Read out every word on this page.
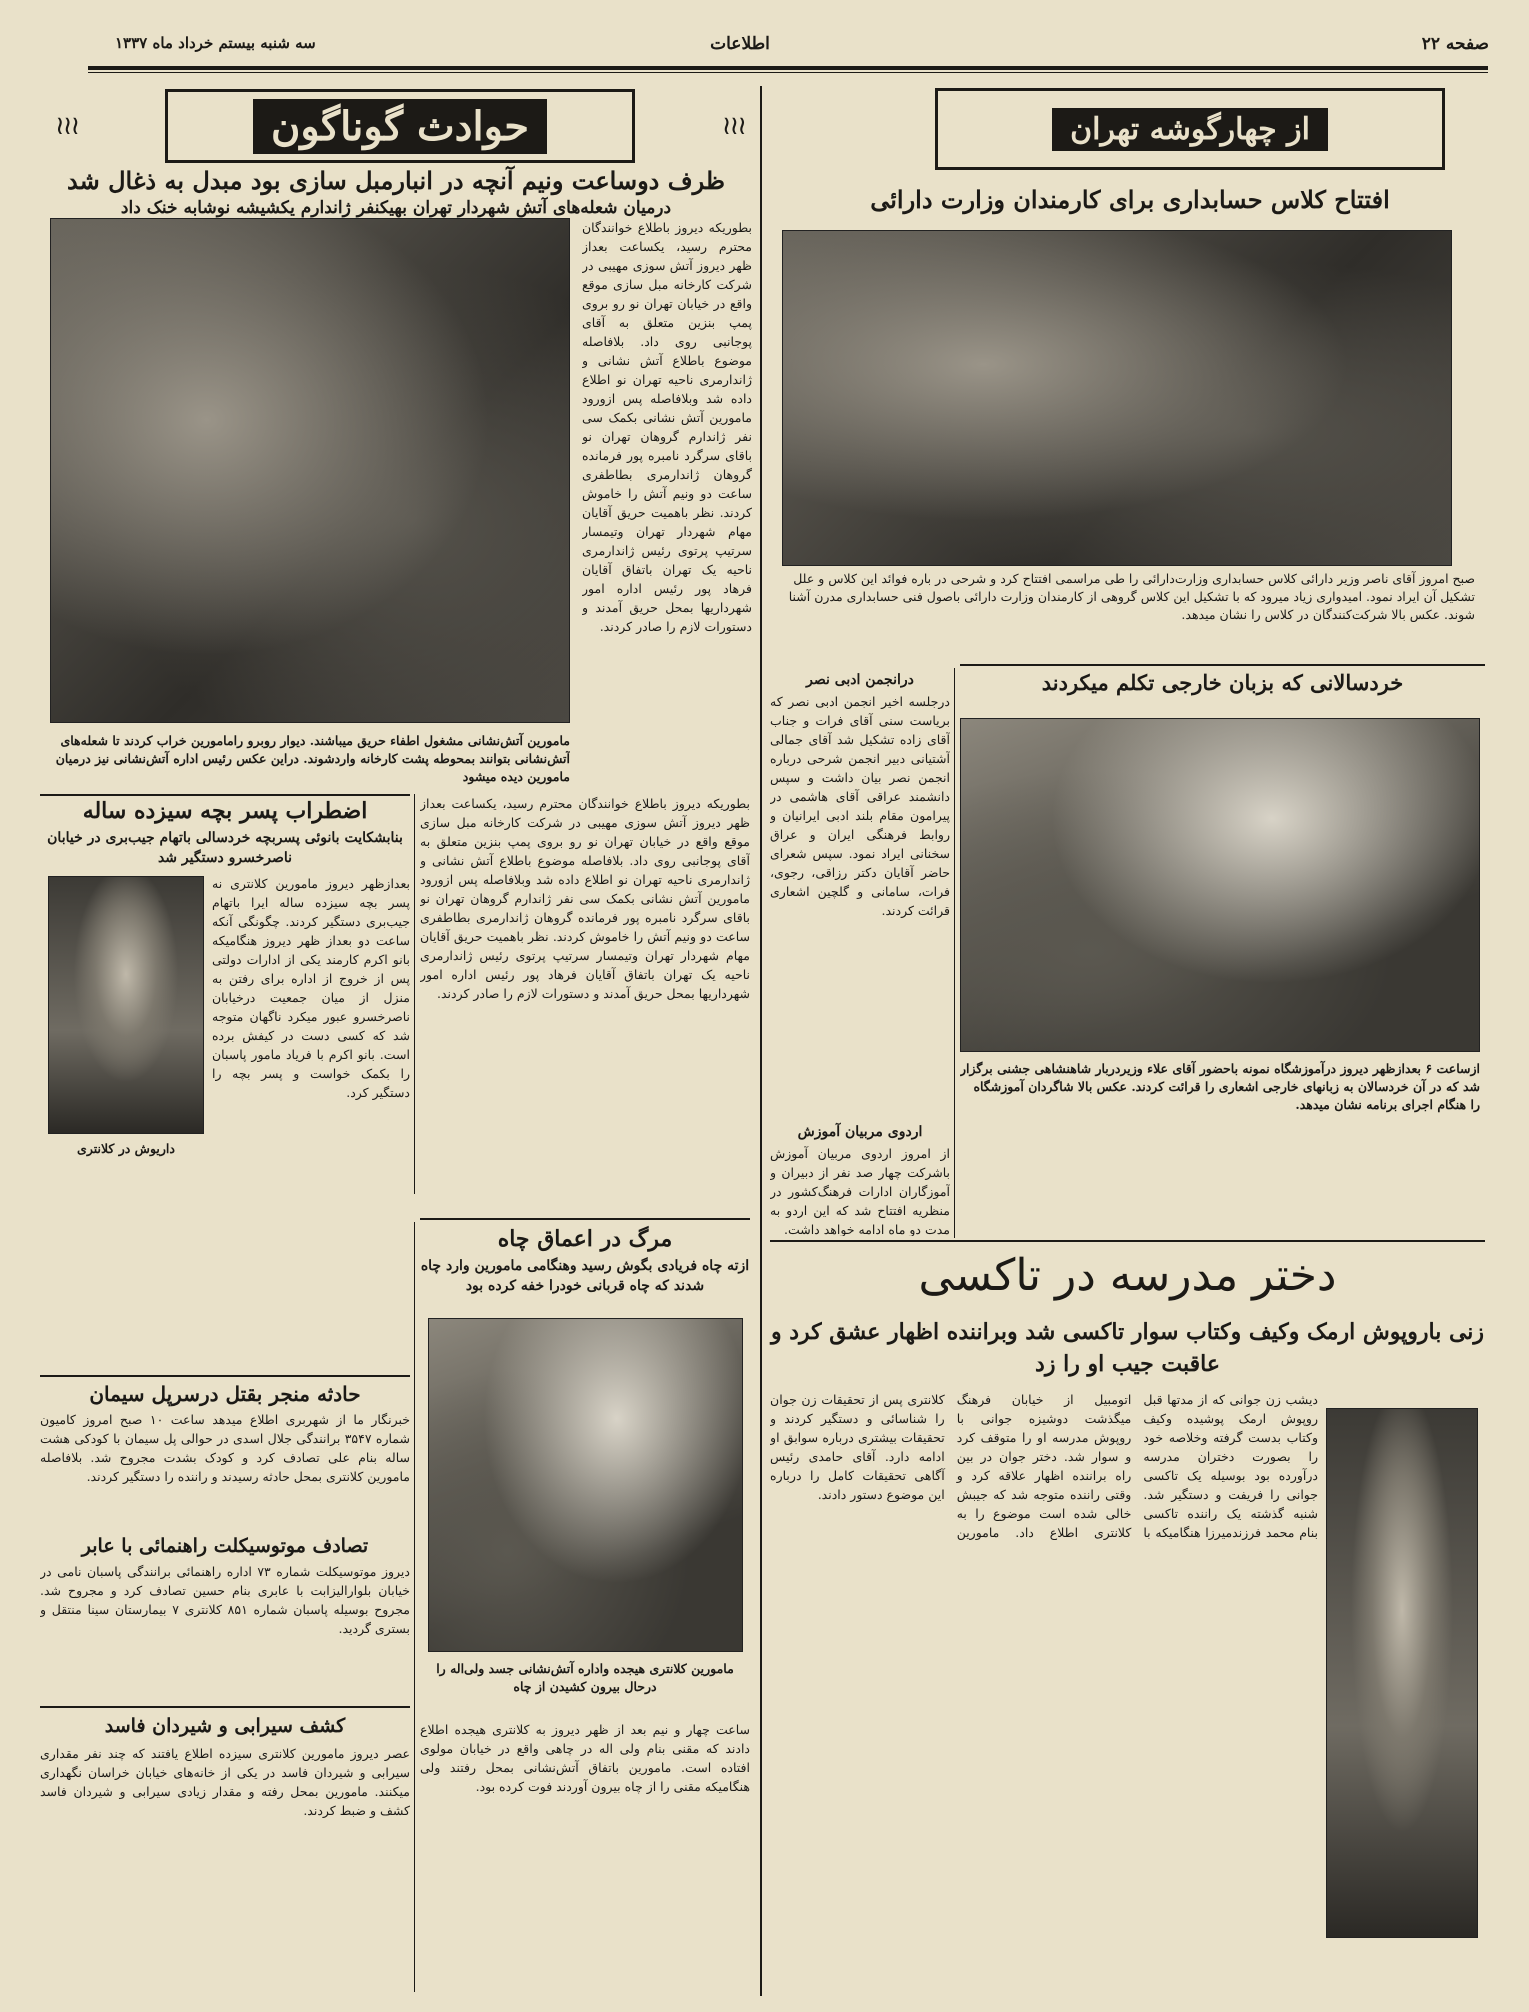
صفحه ۲۲
اطلاعات
سه شنبه بیستم خرداد ماه ۱۳۳۷
≀≀≀	حوادث گوناگون	≀≀≀
ظرف دوساعت ونیم آنچه در انبارمبل سازی بود مبدل به ذغال شد
درمیان شعله‌های آتش شهردار تهران بهیکنفر ژاندارم یکشیشه نوشابه خنک داد
بطوریکه دیروز باطلاع خوانندگان محترم رسید، یکساعت بعداز ظهر دیروز آتش سوزی مهیبی در شرکت کارخانه مبل سازی موقع واقع در خیابان تهران نو رو بروی پمپ بنزین متعلق به آقای پوجانبی روی داد. بلافاصله موضوع باطلاع آتش نشانی و ژاندارمری ناحیه تهران نو اطلاع داده شد وبلافاصله پس ازورود مامورین آتش نشانی بکمک سی نفر ژاندارم گروهان تهران نو باقای سرگرد نامبره پور فرمانده گروهان ژاندارمری بطاطفری ساعت دو ونیم آتش را خاموش کردند. نظر باهمیت حریق آقایان مهام شهردار تهران وتیمسار سرتیپ پرتوی رئیس ژاندارمری ناحیه یک تهران باتفاق آقایان فرهاد پور رئیس اداره امور شهرداریها بمحل حریق آمدند و دستورات لازم را صادر کردند.
مامورین آتش‌نشانی مشغول اطفاء حریق میباشند. دیوار روبرو رامامورین خراب کردند تا شعله‌های آتش‌نشانی بتوانند بمحوطه پشت کارخانه واردشوند. دراین عکس رئیس اداره آتش‌نشانی نیز درمیان مامورین دیده میشود
اضطراب پسر بچه سیزده ساله
بنابشکایت بانوئی پسربچه خردسالی باتهام جیب‌بری در خیابان ناصرخسرو دستگیر شد
داریوش در کلانتری
بعدازظهر دیروز مامورین کلانتری نه پسر بچه سیزده ساله ایرا باتهام جیب‌بری دستگیر کردند. چگونگی آنکه ساعت دو بعداز ظهر دیروز هنگامیکه بانو اکرم کارمند یکی از ادارات دولتی پس از خروج از اداره برای رفتن به منزل از میان جمعیت درخیابان ناصرخسرو عبور میکرد ناگهان متوجه شد که کسی دست در کیفش برده است. بانو اکرم با فریاد مامور پاسبان را بکمک خواست و پسر بچه را دستگیر کرد.
بطوریکه دیروز باطلاع خوانندگان محترم رسید، یکساعت بعداز ظهر دیروز آتش سوزی مهیبی در شرکت کارخانه مبل سازی موقع واقع در خیابان تهران نو رو بروی پمپ بنزین متعلق به آقای پوجانبی روی داد. بلافاصله موضوع باطلاع آتش نشانی و ژاندارمری ناحیه تهران نو اطلاع داده شد وبلافاصله پس ازورود مامورین آتش نشانی بکمک سی نفر ژاندارم گروهان تهران نو باقای سرگرد نامبره پور فرمانده گروهان ژاندارمری بطاطفری ساعت دو ونیم آتش را خاموش کردند. نظر باهمیت حریق آقایان مهام شهردار تهران وتیمسار سرتیپ پرتوی رئیس ژاندارمری ناحیه یک تهران باتفاق آقایان فرهاد پور رئیس اداره امور شهرداریها بمحل حریق آمدند و دستورات لازم را صادر کردند.
حادثه منجر بقتل درسرپل سیمان
خبرنگار ما از شهربری اطلاع میدهد ساعت ۱۰ صبح امروز کامیون شماره ۳۵۴۷ برانندگی جلال اسدی در حوالی پل سیمان با کودکی هشت ساله بنام علی تصادف کرد و کودک بشدت مجروح شد. بلافاصله مامورین کلانتری بمحل حادثه رسیدند و راننده را دستگیر کردند.
تصادف موتوسیکلت راهنمائی با عابر
دیروز موتوسیکلت شماره ۷۳ اداره راهنمائی برانندگی پاسبان نامی در خیابان بلوارالیزابت با عابری بنام حسین تصادف کرد و مجروح شد. مجروح بوسیله پاسبان شماره ۸۵۱ کلانتری ۷ بیمارستان سینا منتقل و بستری گردید.
کشف سیرابی و شیردان فاسد
عصر دیروز مامورین کلانتری سیزده اطلاع یافتند که چند نفر مقداری سیرابی و شیردان فاسد در یکی از خانه‌های خیابان خراسان نگهداری میکنند. مامورین بمحل رفته و مقدار زیادی سیرابی و شیردان فاسد کشف و ضبط کردند.
مرگ در اعماق چاه
ازته چاه فریادی بگوش رسید وهنگامی مامورین وارد چاه شدند که چاه قربانی خودرا خفه کرده بود
مامورین کلانتری هیجده واداره آتش‌نشانی جسد ولی‌اله را درحال بیرون کشیدن از چاه
ساعت چهار و نیم بعد از ظهر دیروز به کلانتری هیجده اطلاع دادند که مقنی بنام ولی اله در چاهی واقع در خیابان مولوی افتاده است. مامورین باتفاق آتش‌نشانی بمحل رفتند ولی هنگامیکه مقنی را از چاه بیرون آوردند فوت کرده بود.
از چهارگوشه تهران
افتتاح کلاس حسابداری برای کارمندان وزارت دارائی
صبح امروز آقای ناصر وزیر دارائی کلاس حسابداری وزارت‌دارائی را طی مراسمی افتتاح کرد و شرحی در باره فوائد این کلاس و علل تشکیل آن ایراد نمود. امیدواری زیاد میرود که با تشکیل این کلاس گروهی از کارمندان وزارت دارائی باصول فنی حسابداری مدرن آشنا شوند. عکس بالا شرکت‌کنندگان در کلاس را نشان میدهد.
خردسالانی که بزبان خارجی تکلم میکردند
ازساعت ۶ بعدازظهر دیروز درآموزشگاه نمونه باحضور آقای علاء وزیردربار شاهنشاهی جشنی برگزار شد که در آن خردسالان به زبانهای خارجی اشعاری را قرائت کردند. عکس بالا شاگردان آموزشگاه را هنگام اجرای برنامه نشان میدهد.
درانجمن ادبی نصر
درجلسه اخیر انجمن ادبی نصر که بریاست سنی آقای فرات و جناب آقای زاده تشکیل شد آقای جمالی آشتیانی دبیر انجمن شرحی درباره انجمن نصر بیان داشت و سپس دانشمند عراقی آقای هاشمی در پیرامون مقام بلند ادبی ایرانیان و روابط فرهنگی ایران و عراق سخنانی ایراد نمود. سپس شعرای حاضر آقایان دکتر رزاقی، رجوی، فرات، سامانی و گلچین اشعاری قرائت کردند.
اردوی مربیان آموزش
از امروز اردوی مربیان آموزش باشرکت چهار صد نفر از دبیران و آموزگاران ادارات فرهنگ‌کشور در منظریه افتتاح شد که این اردو به مدت دو ماه ادامه خواهد داشت.
دختر مدرسه در تاکسی
زنی باروپوش ارمک وکیف وکتاب سوار تاکسی شد وبراننده اظهار عشق کرد و عاقبت جیب او را زد
دیشب زن جوانی که از مدتها قبل روپوش ارمک پوشیده وکیف وکتاب بدست گرفته وخلاصه خود را بصورت دختران مدرسه درآورده بود بوسیله یک تاکسی جوانی را فریفت و دستگیر شد. شنبه گذشته یک راننده تاکسی بنام محمد فرزندمیرزا هنگامیکه با اتومبیل از خیابان فرهنگ میگذشت دوشیزه جوانی با روپوش مدرسه او را متوقف کرد و سوار شد. دختر جوان در بین راه براننده اظهار علاقه کرد و وقتی راننده متوجه شد که جیبش خالی شده است موضوع را به کلانتری اطلاع داد. مامورین کلانتری پس از تحقیقات زن جوان را شناسائی و دستگیر کردند و تحقیقات بیشتری درباره سوابق او ادامه دارد. آقای حامدی رئیس آگاهی تحقیقات کامل را درباره این موضوع دستور دادند.
